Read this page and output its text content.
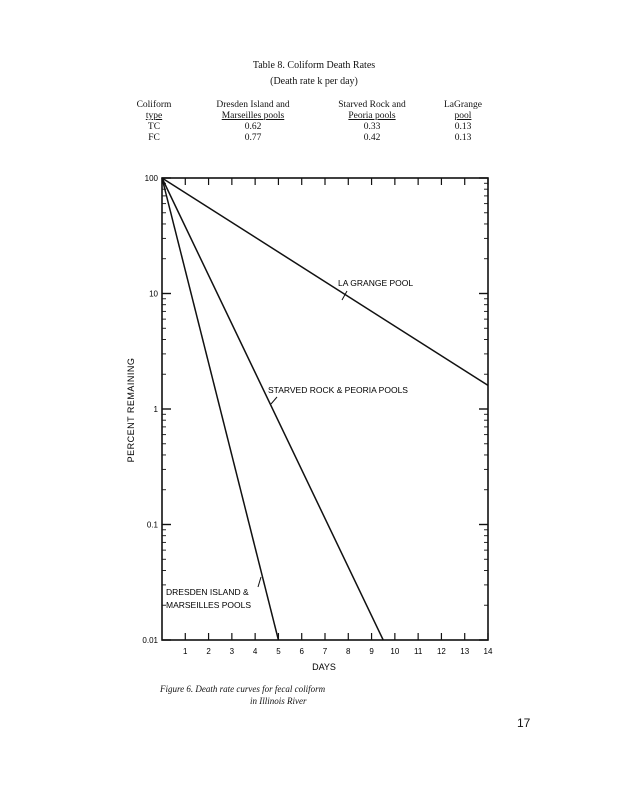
Table 8. Coliform Death Rates
(Death rate k per day)
Coliform	Dresden Island and	Starved Rock and	LaGrange
type	Marseilles pools	Peoria pools	pool
TC	0.62	0.33	0.13
FC	0.77	0.42	0.13
100
10
1
0.1
0.01
1 2 3 4 5 6 7 8 9 10 11 12 13 14
PERCENT REMAINING
DAYS
LA GRANGE POOL
STARVED ROCK & PEORIA POOLS
DRESDEN ISLAND &
MARSEILLES POOLS
Figure 6. Death rate curves for fecal coliform
in Illinois River
17
